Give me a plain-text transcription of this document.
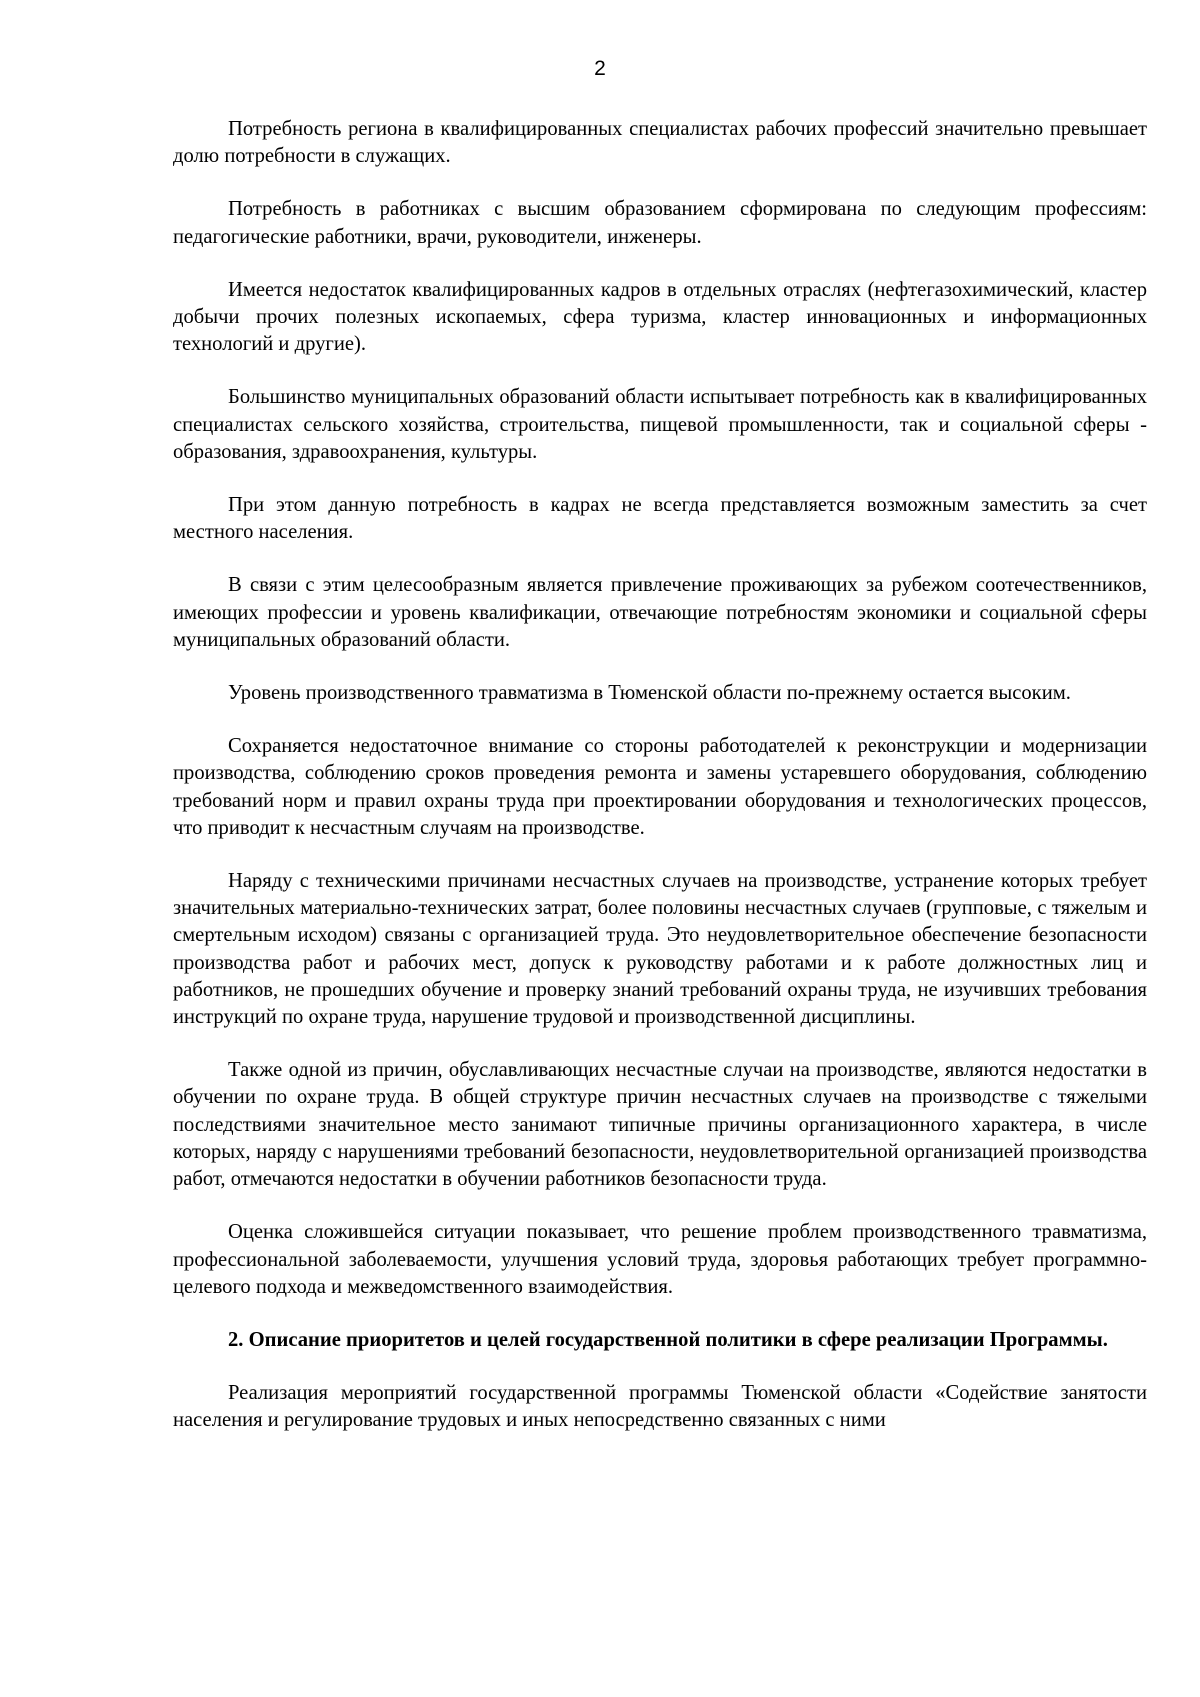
2

Потребность региона в квалифицированных специалистах рабочих профессий значительно превышает долю потребности в служащих.

Потребность в работниках с высшим образованием сформирована по следующим профессиям: педагогические работники, врачи, руководители, инженеры.

Имеется недостаток квалифицированных кадров в отдельных отраслях (нефтегазохимический, кластер добычи прочих полезных ископаемых, сфера туризма, кластер инновационных и информационных технологий и другие).

Большинство муниципальных образований области испытывает потребность как в квалифицированных специалистах сельского хозяйства, строительства, пищевой промышленности, так и социальной сферы - образования, здравоохранения, культуры.

При этом данную потребность в кадрах не всегда представляется возможным заместить за счет местного населения.

В связи с этим целесообразным является привлечение проживающих за рубежом соотечественников, имеющих профессии и уровень квалификации, отвечающие потребностям экономики и социальной сферы муниципальных образований области.

Уровень производственного травматизма в Тюменской области по-прежнему остается высоким.

Сохраняется недостаточное внимание со стороны работодателей к реконструкции и модернизации производства, соблюдению сроков проведения ремонта и замены устаревшего оборудования, соблюдению требований норм и правил охраны труда при проектировании оборудования и технологических процессов, что приводит к несчастным случаям на производстве.

Наряду с техническими причинами несчастных случаев на производстве, устранение которых требует значительных материально-технических затрат, более половины несчастных случаев (групповые, с тяжелым и смертельным исходом) связаны с организацией труда. Это неудовлетворительное обеспечение безопасности производства работ и рабочих мест, допуск к руководству работами и к работе должностных лиц и работников, не прошедших обучение и проверку знаний требований охраны труда, не изучивших требования инструкций по охране труда, нарушение трудовой и производственной дисциплины.

Также одной из причин, обуславливающих несчастные случаи на производстве, являются недостатки в обучении по охране труда. В общей структуре причин несчастных случаев на производстве с тяжелыми последствиями значительное место занимают типичные причины организационного характера, в числе которых, наряду с нарушениями требований безопасности, неудовлетворительной организацией производства работ, отмечаются недостатки в обучении работников безопасности труда.

Оценка сложившейся ситуации показывает, что решение проблем производственного травматизма, профессиональной заболеваемости, улучшения условий труда, здоровья работающих требует программно-целевого подхода и межведомственного взаимодействия.

2. Описание приоритетов и целей государственной политики в сфере реализации Программы.

Реализация мероприятий государственной программы Тюменской области «Содействие занятости населения и регулирование трудовых и иных непосредственно связанных с ними
